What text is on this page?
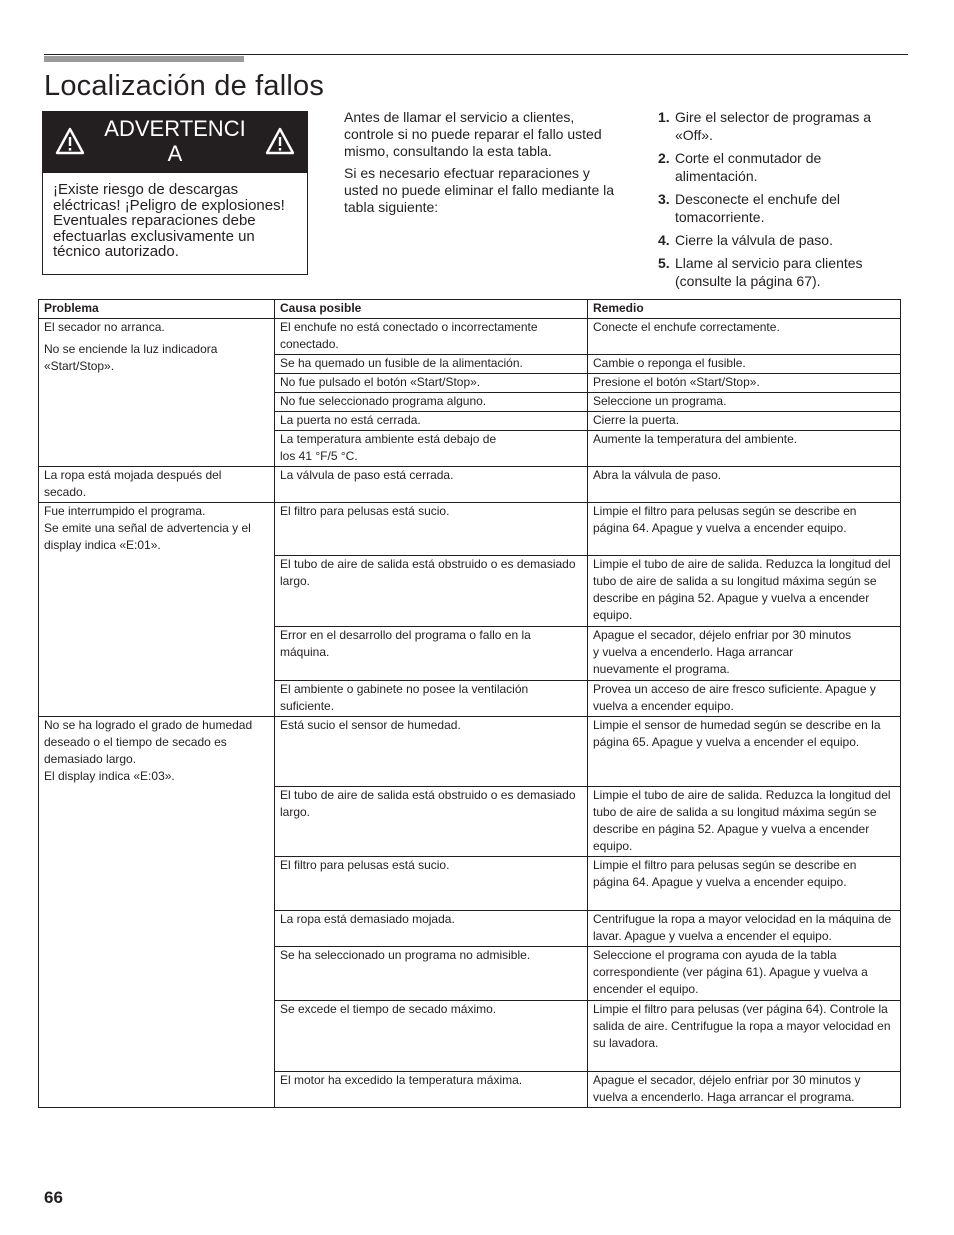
Localización de fallos
ADVERTENCI A
¡Existe riesgo de descargas eléctricas! ¡Peligro de explosiones! Eventuales reparaciones debe efectuarlas exclusivamente un técnico autorizado.

Antes de llamar el servicio a clientes, controle si no puede reparar el fallo usted mismo, consultando la esta tabla.

Si es necesario efectuar reparaciones y usted no puede eliminar el fallo mediante la tabla siguiente:

1. Gire el selector de programas a «Off».
2. Corte el conmutador de alimentación.
3. Desconecte el enchufe del tomacorriente.
4. Cierre la válvula de paso.
5. Llame al servicio para clientes (consulte la página 67).
Problema	Causa posible	Remedio

El secador no arranca.
No se enciende la luz indicadora «Start/Stop».	El enchufe no está conectado o incorrectamente conectado.	Conecte el enchufe correctamente.
	Se ha quemado un fusible de la alimentación.	Cambie o reponga el fusible.
	No fue pulsado el botón «Start/Stop».	Presione el botón «Start/Stop».
	No fue seleccionado programa alguno.	Seleccione un programa.
	La puerta no está cerrada.	Cierre la puerta.
	La temperatura ambiente está debajo de los 41 °F/5 °C.	Aumente la temperatura del ambiente.

La ropa está mojada después del secado.	La válvula de paso está cerrada.	Abra la válvula de paso.

Fue interrumpido el programa.
Se emite una señal de advertencia y el display indica «E:01».	El filtro para pelusas está sucio.	Limpie el filtro para pelusas según se describe en página 64. Apague y vuelva a encender equipo.
	El tubo de aire de salida está obstruido o es demasiado largo.	Limpie el tubo de aire de salida. Reduzca la longitud del tubo de aire de salida a su longitud máxima según se describe en página 52. Apague y vuelva a encender equipo.
	Error en el desarrollo del programa o fallo en la máquina.	Apague el secador, déjelo enfriar por 30 minutos y vuelva a encenderlo. Haga arrancar nuevamente el programa.
	El ambiente o gabinete no posee la ventilación suficiente.	Provea un acceso de aire fresco suficiente. Apague y vuelva a encender equipo.

No se ha logrado el grado de humedad deseado o el tiempo de secado es demasiado largo.
El display indica «E:03».	Está sucio el sensor de humedad.	Limpie el sensor de humedad según se describe en la página 65. Apague y vuelva a encender el equipo.
	El tubo de aire de salida está obstruido o es demasiado largo.	Limpie el tubo de aire de salida. Reduzca la longitud del tubo de aire de salida a su longitud máxima según se describe en página 52. Apague y vuelva a encender equipo.
	El filtro para pelusas está sucio.	Limpie el filtro para pelusas según se describe en página 64. Apague y vuelva a encender equipo.
	La ropa está demasiado mojada.	Centrifugue la ropa a mayor velocidad en la máquina de lavar. Apague y vuelva a encender el equipo.
	Se ha seleccionado un programa no admisible.	Seleccione el programa con ayuda de la tabla correspondiente (ver página 61). Apague y vuelva a encender el equipo.
	Se excede el tiempo de secado máximo.	Limpie el filtro para pelusas (ver página 64). Controle la salida de aire. Centrifugue la ropa a mayor velocidad en su lavadora.
	El motor ha excedido la temperatura máxima.	Apague el secador, déjelo enfriar por 30 minutos y vuelva a encenderlo. Haga arrancar el programa.
66
